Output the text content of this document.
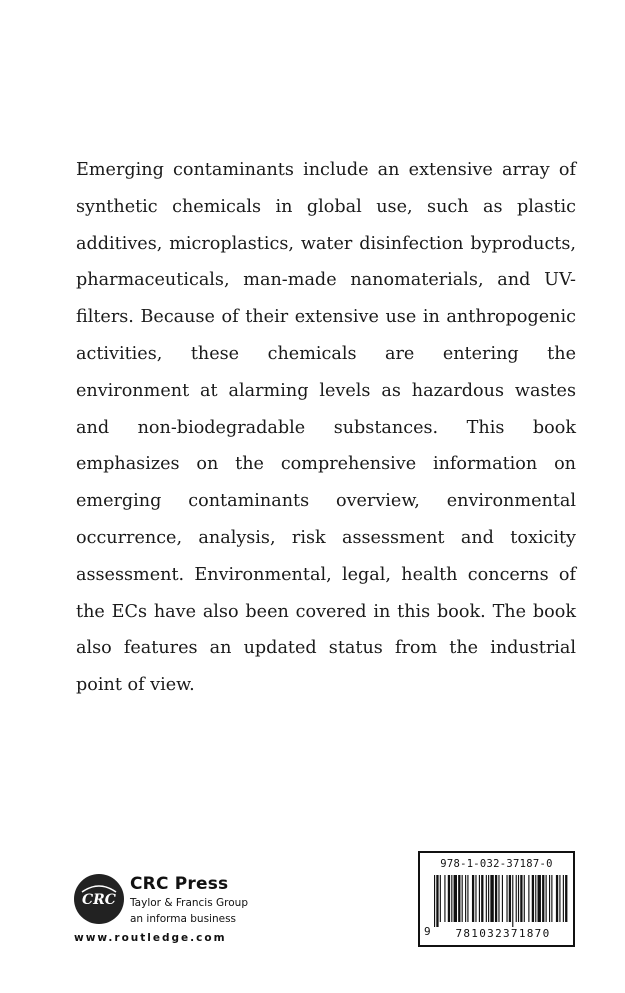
Emerging contaminants include an extensive array of synthetic chemicals in global use, such as plastic additives, microplastics, water disinfection byproducts, pharmaceuticals, man-made nanomaterials, and UV-filters. Because of their extensive use in anthropogenic activities, these chemicals are entering the environment at alarming levels as hazardous wastes and non-biodegradable substances. This book emphasizes on the comprehensive information on emerging contaminants overview, environmental occurrence, analysis, risk assessment and toxicity assessment. Environmental, legal, health concerns of the ECs have also been covered in this book. The book also features an updated status from the industrial point of view.

CRC
CRC Press
Taylor & Francis Group
an informa business
www.routledge.com
978-1-032-37187-0
9	781032371870
